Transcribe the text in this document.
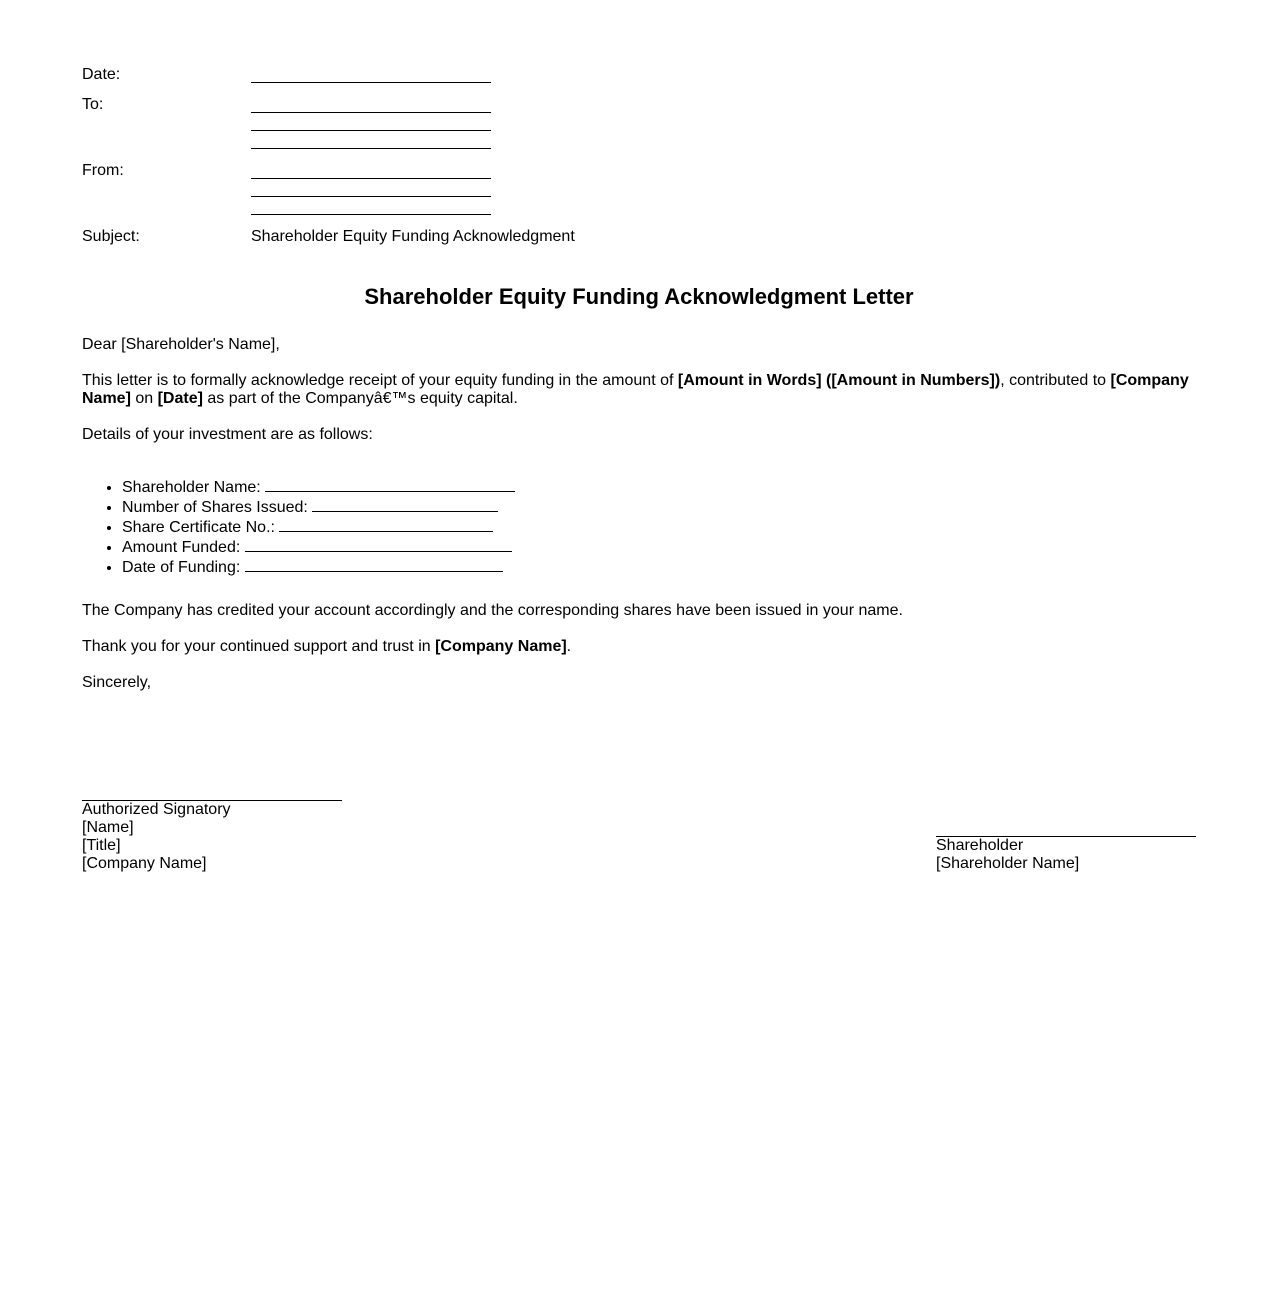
Date:
To:
From:
Subject:	Shareholder Equity Funding Acknowledgment
Shareholder Equity Funding Acknowledgment Letter
Dear [Shareholder's Name],
This letter is to formally acknowledge receipt of your equity funding in the amount of [Amount in Words] ([Amount in Numbers]), contributed to [Company Name] on [Date] as part of the Companyâ€™s equity capital.
Details of your investment are as follows:
• Shareholder Name:
• Number of Shares Issued:
• Share Certificate No.:
• Amount Funded:
• Date of Funding:
The Company has credited your account accordingly and the corresponding shares have been issued in your name.
Thank you for your continued support and trust in [Company Name].
Sincerely,
Authorized Signatory
[Name]
[Title]
[Company Name]
Shareholder
[Shareholder Name]
